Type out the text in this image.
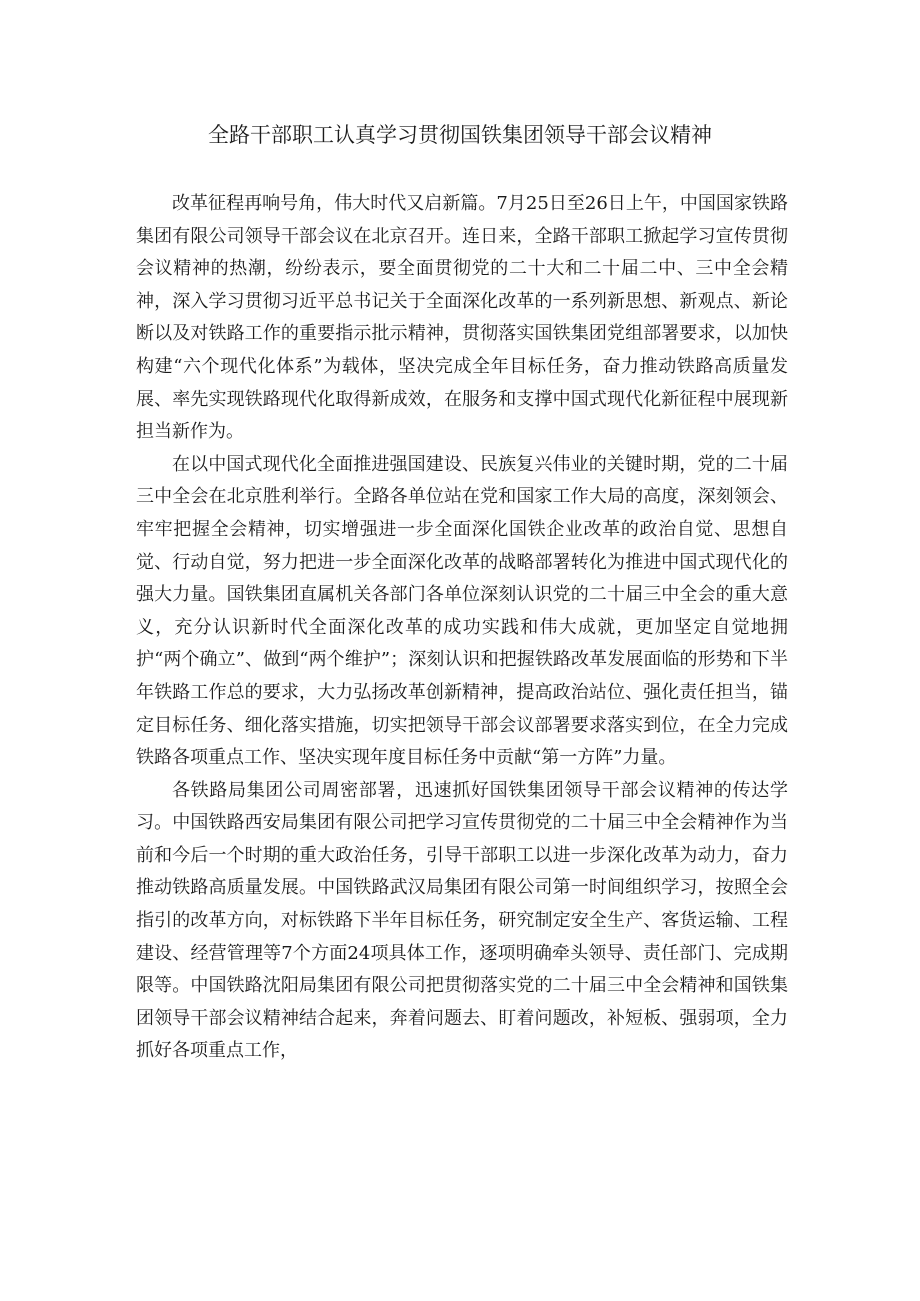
全路干部职工认真学习贯彻国铁集团领导干部会议精神

改革征程再响号角，伟大时代又启新篇。7月25日至26日上午，中国国家铁路集团有限公司领导干部会议在北京召开。连日来，全路干部职工掀起学习宣传贯彻会议精神的热潮，纷纷表示，要全面贯彻党的二十大和二十届二中、三中全会精神，深入学习贯彻习近平总书记关于全面深化改革的一系列新思想、新观点、新论断以及对铁路工作的重要指示批示精神，贯彻落实国铁集团党组部署要求，以加快构建“六个现代化体系”为载体，坚决完成全年目标任务，奋力推动铁路高质量发展、率先实现铁路现代化取得新成效，在服务和支撑中国式现代化新征程中展现新担当新作为。

在以中国式现代化全面推进强国建设、民族复兴伟业的关键时期，党的二十届三中全会在北京胜利举行。全路各单位站在党和国家工作大局的高度，深刻领会、牢牢把握全会精神，切实增强进一步全面深化国铁企业改革的政治自觉、思想自觉、行动自觉，努力把进一步全面深化改革的战略部署转化为推进中国式现代化的强大力量。国铁集团直属机关各部门各单位深刻认识党的二十届三中全会的重大意义，充分认识新时代全面深化改革的成功实践和伟大成就，更加坚定自觉地拥护“两个确立”、做到“两个维护”；深刻认识和把握铁路改革发展面临的形势和下半年铁路工作总的要求，大力弘扬改革创新精神，提高政治站位、强化责任担当，锚定目标任务、细化落实措施，切实把领导干部会议部署要求落实到位，在全力完成铁路各项重点工作、坚决实现年度目标任务中贡献“第一方阵”力量。

各铁路局集团公司周密部署，迅速抓好国铁集团领导干部会议精神的传达学习。中国铁路西安局集团有限公司把学习宣传贯彻党的二十届三中全会精神作为当前和今后一个时期的重大政治任务，引导干部职工以进一步深化改革为动力，奋力推动铁路高质量发展。中国铁路武汉局集团有限公司第一时间组织学习，按照全会指引的改革方向，对标铁路下半年目标任务，研究制定安全生产、客货运输、工程建设、经营管理等7个方面24项具体工作，逐项明确牵头领导、责任部门、完成期限等。中国铁路沈阳局集团有限公司把贯彻落实党的二十届三中全会精神和国铁集团领导干部会议精神结合起来，奔着问题去、盯着问题改，补短板、强弱项，全力抓好各项重点工作，
